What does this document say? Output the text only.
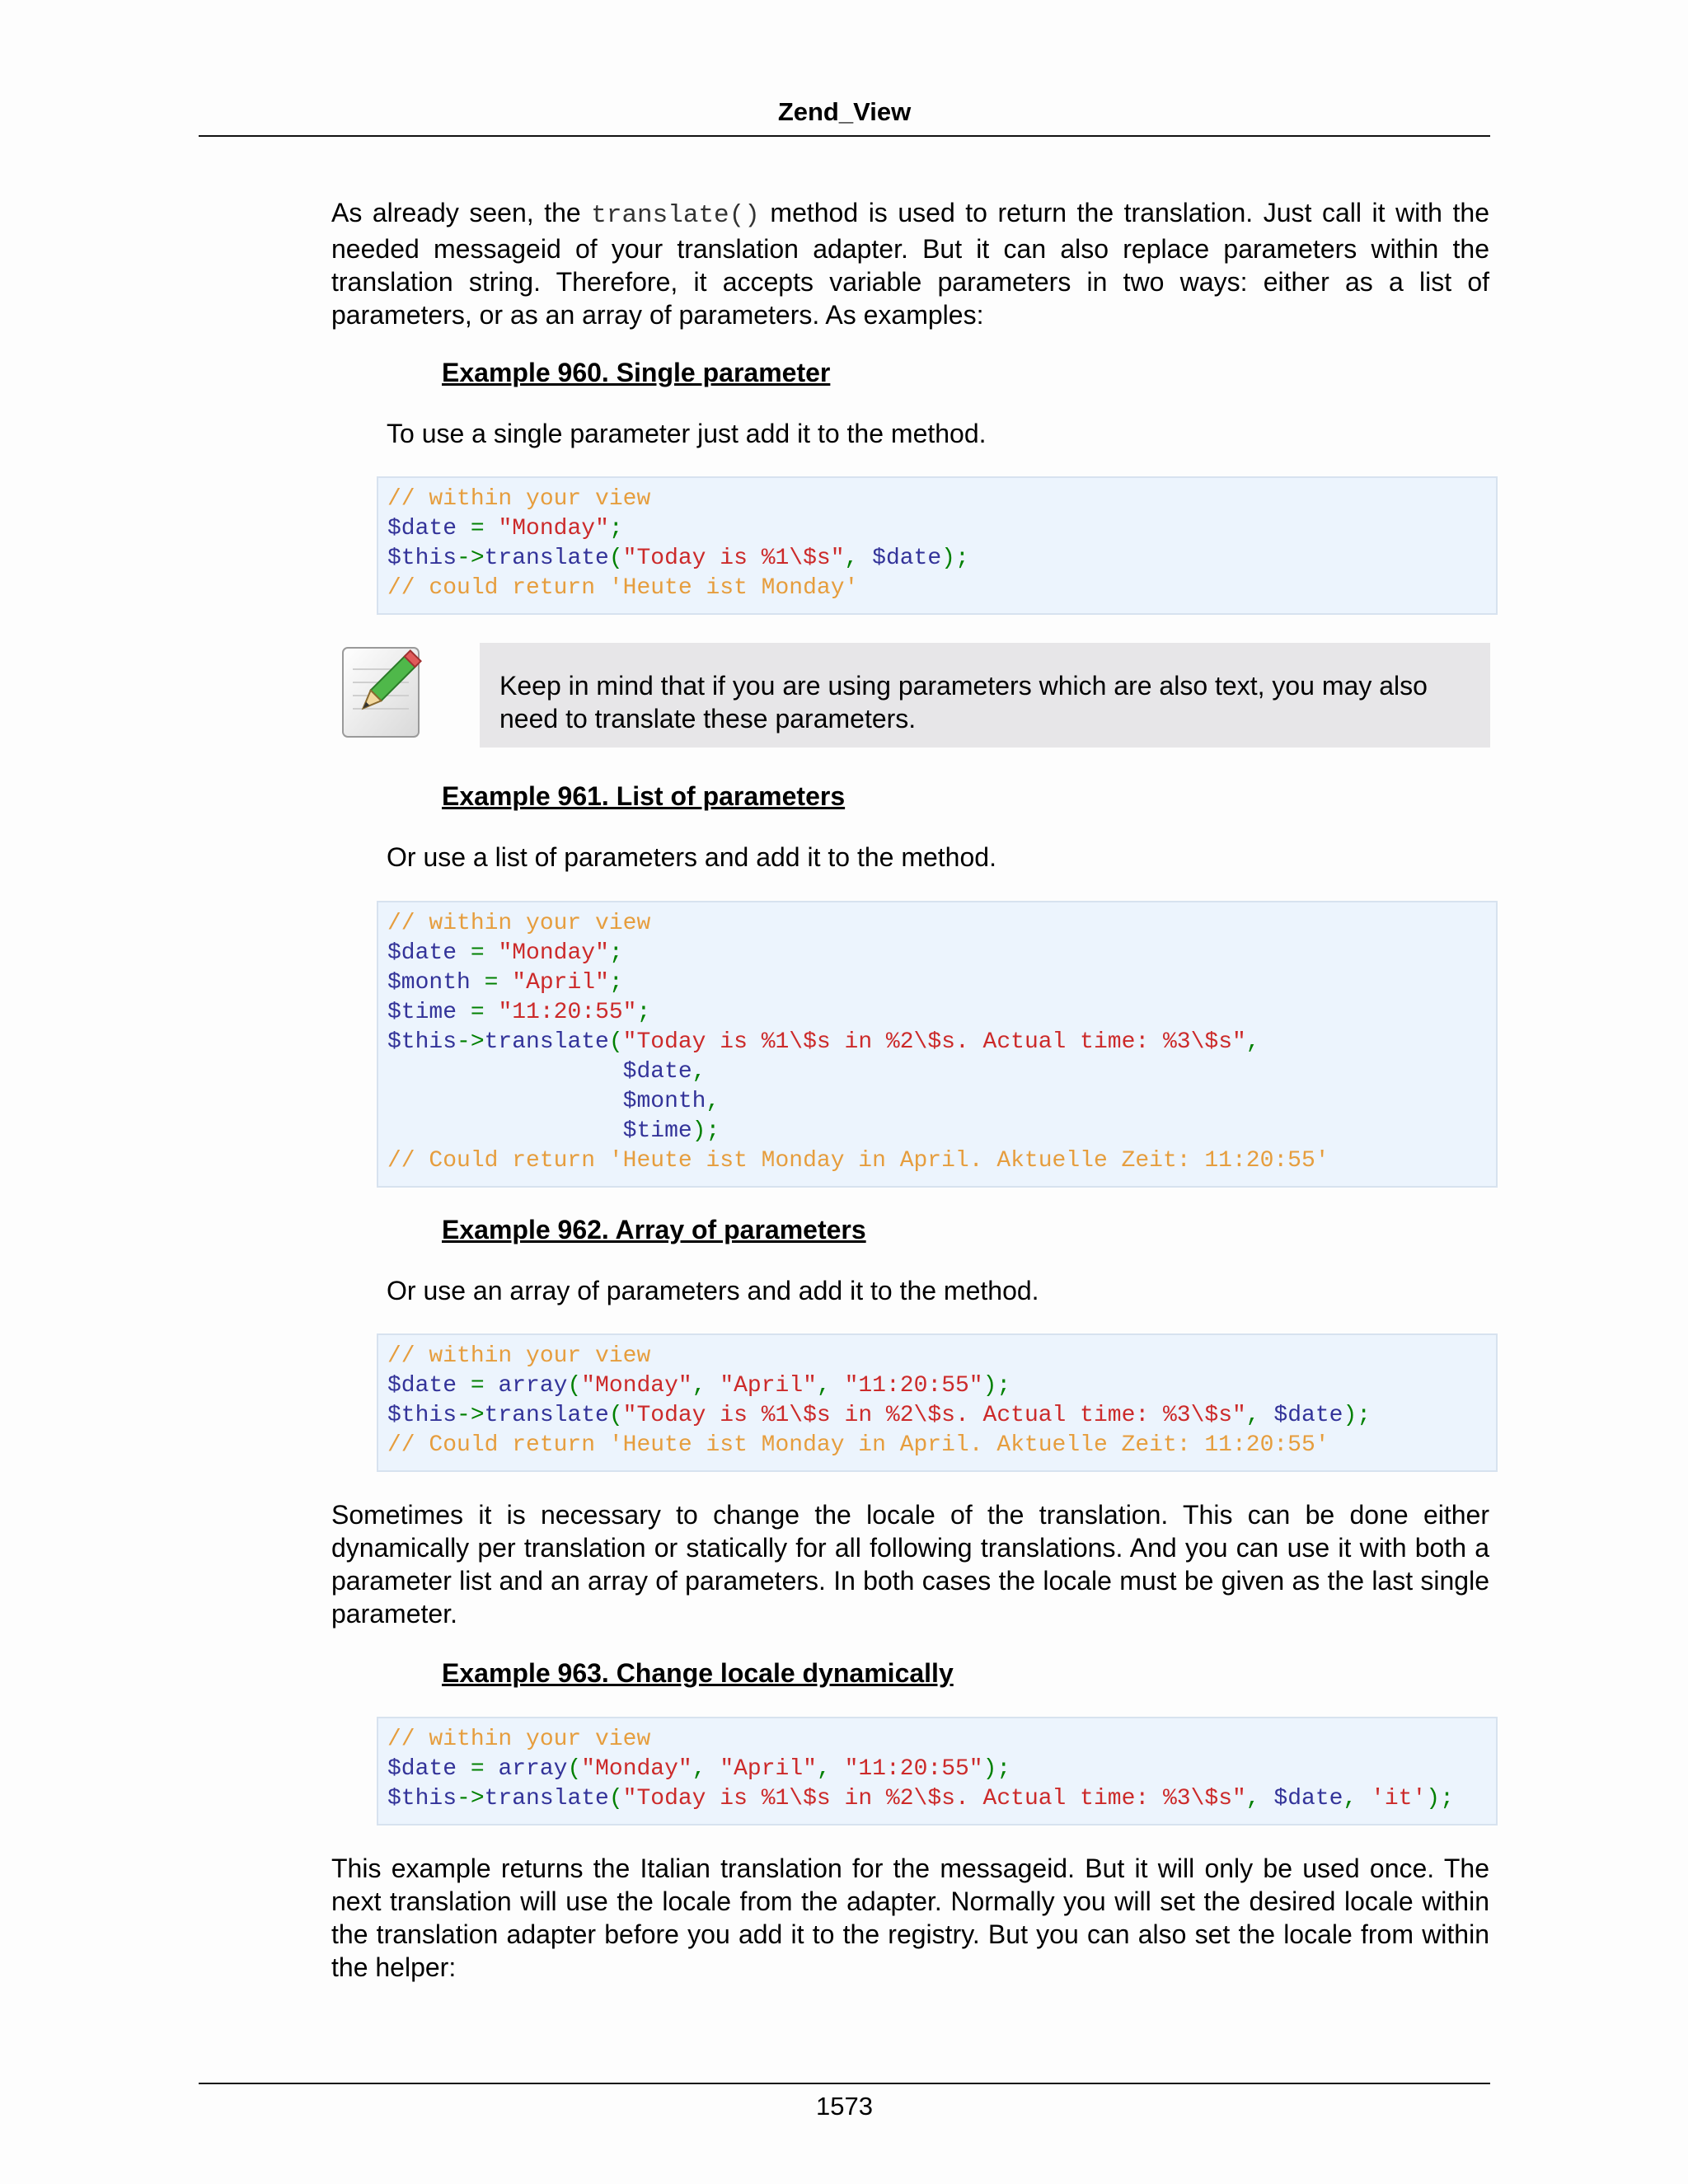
Zend_View

As already seen, the translate() method is used to return the translation. Just call it with the needed messageid of your translation adapter. But it can also replace parameters within the translation string. Therefore, it accepts variable parameters in two ways: either as a list of parameters, or as an array of parameters. As examples:

Example 960. Single parameter

To use a single parameter just add it to the method.

// within your view
$date = "Monday";
$this->translate("Today is %1\$s", $date);
// could return 'Heute ist Monday'
Keep in mind that if you are using parameters which are also text, you may also need to translate these parameters.

Example 961. List of parameters

Or use a list of parameters and add it to the method.

// within your view
$date = "Monday";
$month = "April";
$time = "11:20:55";
$this->translate("Today is %1\$s in %2\$s. Actual time: %3\$s",
$date,
$month,
$time);
// Could return 'Heute ist Monday in April. Aktuelle Zeit: 11:20:55'

Example 962. Array of parameters

Or use an array of parameters and add it to the method.

// within your view
$date = array("Monday", "April", "11:20:55");
$this->translate("Today is %1\$s in %2\$s. Actual time: %3\$s", $date);
// Could return 'Heute ist Monday in April. Aktuelle Zeit: 11:20:55'

Sometimes it is necessary to change the locale of the translation. This can be done either dynamically per translation or statically for all following translations. And you can use it with both a parameter list and an array of parameters. In both cases the locale must be given as the last single parameter.

Example 963. Change locale dynamically

// within your view
$date = array("Monday", "April", "11:20:55");
$this->translate("Today is %1\$s in %2\$s. Actual time: %3\$s", $date, 'it');

This example returns the Italian translation for the messageid. But it will only be used once. The next translation will use the locale from the adapter. Normally you will set the desired locale within the translation adapter before you add it to the registry. But you can also set the locale from within the helper:

1573
